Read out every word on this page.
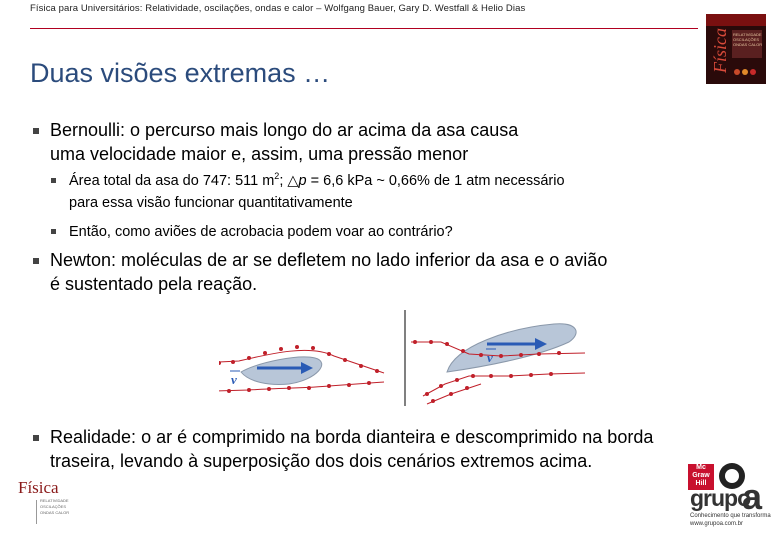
Física para Universitários: Relatividade, oscilações, ondas e calor – Wolfgang Bauer, Gary D. Westfall & Helio Dias
Física RELATIVIDADE OSCILAÇÕES ONDAS CALOR
Duas visões extremas …
Bernoulli: o percurso mais longo do ar acima da asa causa
uma velocidade maior e, assim, uma pressão menor
Área total da asa do 747: 511 $m^2$; △p = 6,6 kPa ~ 0,66% de 1 atm necessário
para essa visão funcionar quantitativamente
Então, como aviões de acrobacia podem voar ao contrário?
Newton: moléculas de ar se defletem no lado inferior da asa e o avião
é sustentado pela reação.
v
v
Realidade: o ar é comprimido na borda dianteira e descomprimido na borda
traseira, levando à superposição dos dois cenários extremos acima.
Física
RELATIVIDADE OSCILAÇÕES ONDAS CALOR
Mc Graw Hill
grupo
a
Conhecimento que transforma
www.grupoa.com.br
